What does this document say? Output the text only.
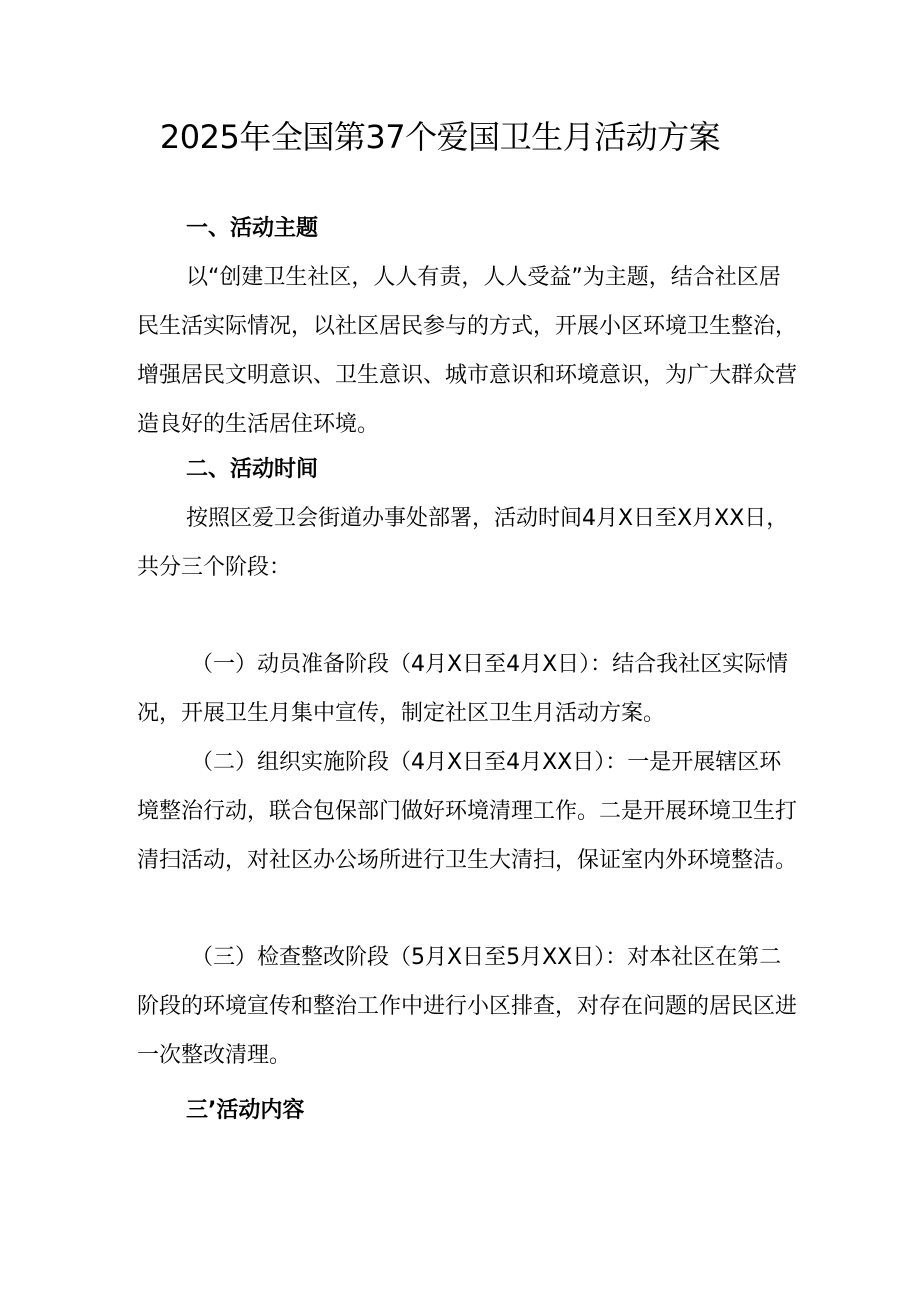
2025年全国第37个爱国卫生月活动方案
一、活动主题

以“创建卫生社区，人人有责，人人受益”为主题，结合社区居民生活实际情况，以社区居民参与的方式，开展小区环境卫生整治，增强居民文明意识、卫生意识、城市意识和环境意识，为广大群众营造良好的生活居住环境。

二、活动时间

按照区爱卫会街道办事处部署，活动时间4月X日至X月XX日，共分三个阶段：

（一）动员准备阶段（4月X日至4月X日）：结合我社区实际情况，开展卫生月集中宣传，制定社区卫生月活动方案。

（二）组织实施阶段（4月X日至4月XX日）：一是开展辖区环境整治行动，联合包保部门做好环境清理工作。二是开展环境卫生打清扫活动，对社区办公场所进行卫生大清扫，保证室内外环境整洁。

（三）检查整改阶段（5月X日至5月XX日）：对本社区在第二阶段的环境宣传和整治工作中进行小区排查，对存在问题的居民区进一次整改清理。

三’活动内容
